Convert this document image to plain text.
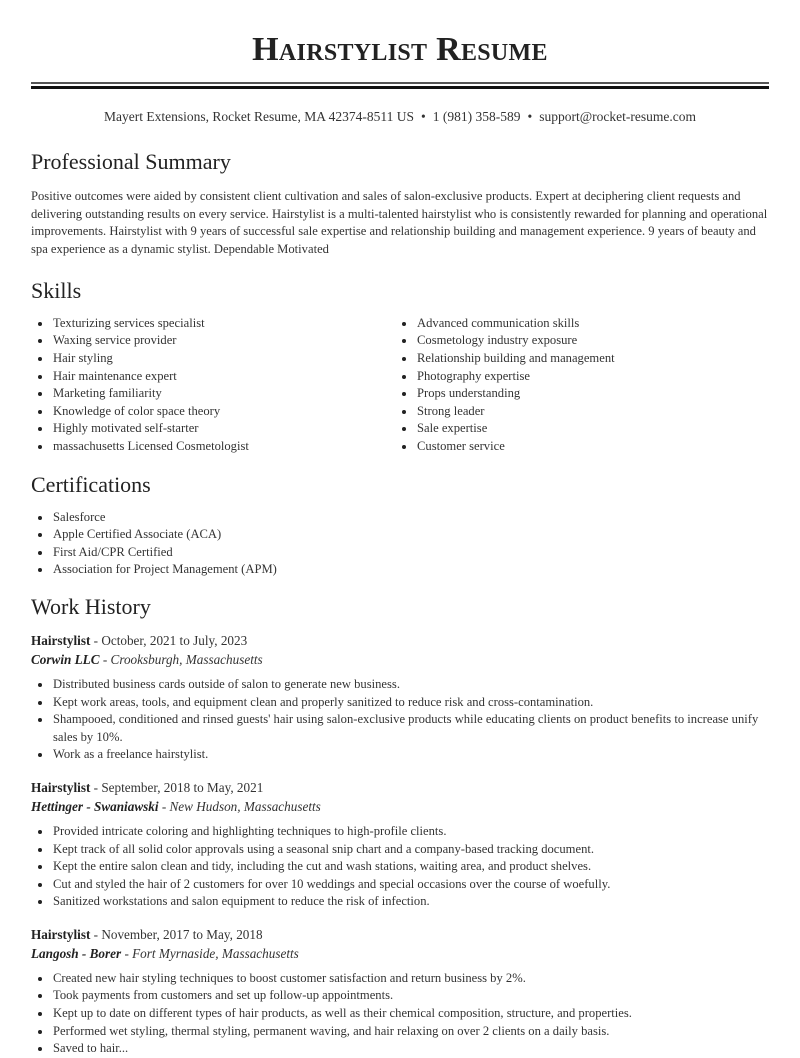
Hairstylist Resume
Mayert Extensions, Rocket Resume, MA 42374-8511 US • 1 (981) 358-589 • support@rocket-resume.com
Professional Summary

Positive outcomes were aided by consistent client cultivation and sales of salon-exclusive products. Expert at deciphering client requests and delivering outstanding results on every service. Hairstylist is a multi-talented hairstylist who is consistently rewarded for planning and operational improvements. Hairstylist with 9 years of successful sale expertise and relationship building and management experience. 9 years of beauty and spa experience as a dynamic stylist. Dependable Motivated

Skills
Texturizing services specialist
Waxing service provider
Hair styling
Hair maintenance expert
Marketing familiarity
Knowledge of color space theory
Highly motivated self-starter
massachusetts Licensed Cosmetologist
Advanced communication skills
Cosmetology industry exposure
Relationship building and management
Photography expertise
Props understanding
Strong leader
Sale expertise
Customer service
Certifications
Salesforce
Apple Certified Associate (ACA)
First Aid/CPR Certified
Association for Project Management (APM)
Work History
Hairstylist - October, 2021 to July, 2023
Corwin LLC - Crooksburgh, Massachusetts
Distributed business cards outside of salon to generate new business.
Kept work areas, tools, and equipment clean and properly sanitized to reduce risk and cross-contamination.
Shampooed, conditioned and rinsed guests' hair using salon-exclusive products while educating clients on product benefits to increase unify sales by 10%.
Work as a freelance hairstylist.
Hairstylist - September, 2018 to May, 2021
Hettinger - Swaniawski - New Hudson, Massachusetts
Provided intricate coloring and highlighting techniques to high-profile clients.
Kept track of all solid color approvals using a seasonal snip chart and a company-based tracking document.
Kept the entire salon clean and tidy, including the cut and wash stations, waiting area, and product shelves.
Cut and styled the hair of 2 customers for over 10 weddings and special occasions over the course of woefully.
Sanitized workstations and salon equipment to reduce the risk of infection.
Hairstylist - November, 2017 to May, 2018
Langosh - Borer - Fort Myrnaside, Massachusetts
Created new hair styling techniques to boost customer satisfaction and return business by 2%.
Took payments from customers and set up follow-up appointments.
Kept up to date on different types of hair products, as well as their chemical composition, structure, and properties.
Performed wet styling, thermal styling, permanent waving, and hair relaxing on over 2 clients on a daily basis.
Saved to hair...
